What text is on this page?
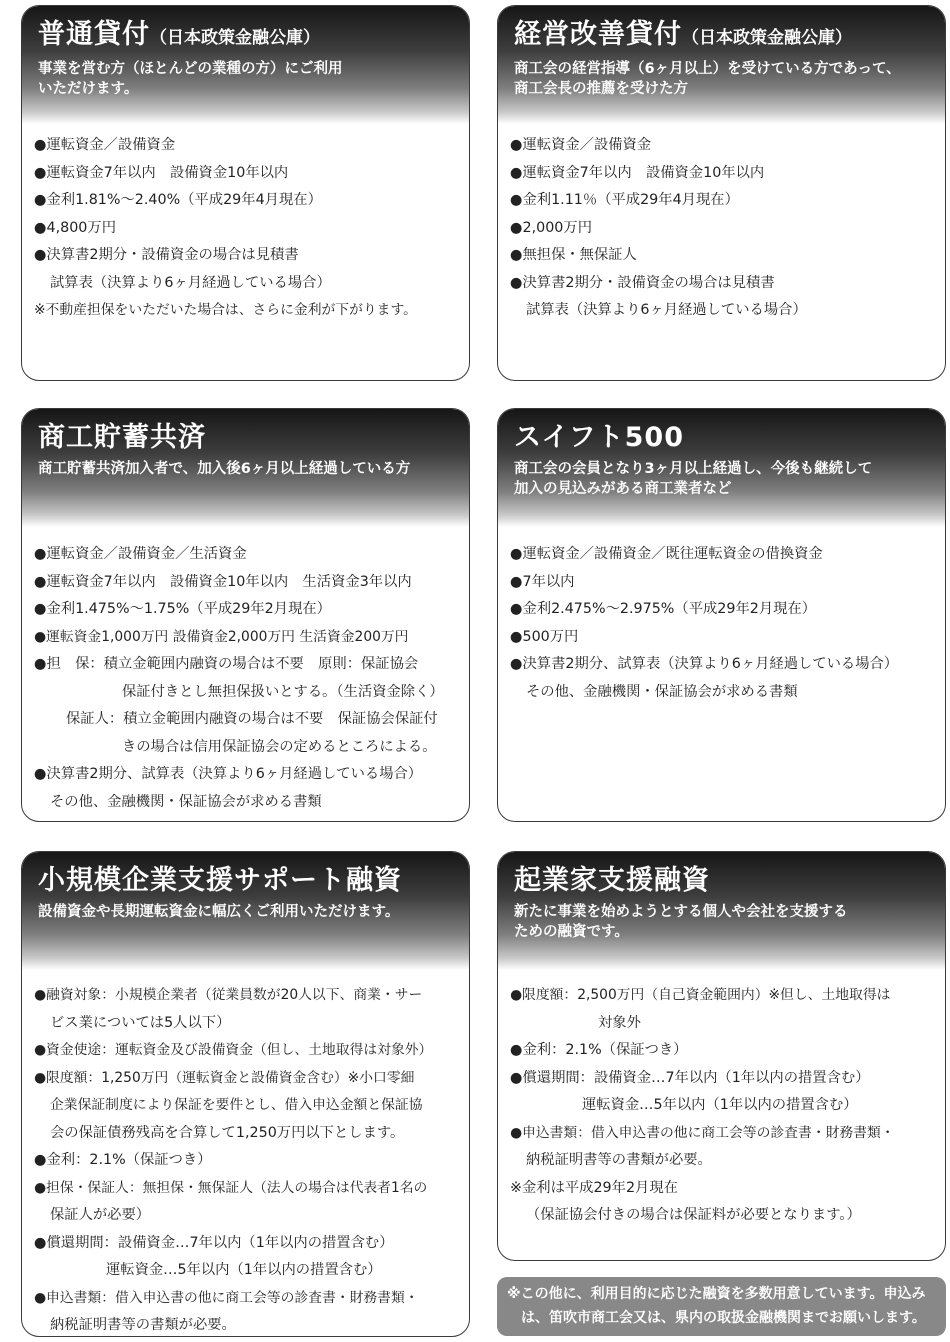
普通貸付（日本政策金融公庫）
事業を営む方（ほとんどの業種の方）にご利用
いただけます。
●運転資金／設備資金
●運転資金7年以内　設備資金10年以内
●金利1.81%～2.40%（平成29年4月現在）
●4,800万円
●決算書2期分・設備資金の場合は見積書
試算表（決算より6ヶ月経過している場合）
※不動産担保をいただいた場合は、さらに金利が下がります。
経営改善貸付（日本政策金融公庫）
商工会の経営指導（6ヶ月以上）を受けている方であって、
商工会長の推薦を受けた方
●運転資金／設備資金
●運転資金7年以内　設備資金10年以内
●金利1.11％（平成29年4月現在）
●2,000万円
●無担保・無保証人
●決算書2期分・設備資金の場合は見積書
試算表（決算より6ヶ月経過している場合）
商工貯蓄共済
商工貯蓄共済加入者で、加入後6ヶ月以上経過している方
●運転資金／設備資金／生活資金
●運転資金7年以内　設備資金10年以内　生活資金3年以内
●金利1.475%～1.75%（平成29年2月現在）
●運転資金1,000万円 設備資金2,000万円 生活資金200万円
●担　保：積立金範囲内融資の場合は不要　原則：保証協会
保証付きとし無担保扱いとする。（生活資金除く）
保証人：積立金範囲内融資の場合は不要　保証協会保証付
きの場合は信用保証協会の定めるところによる。
●決算書2期分、試算表（決算より6ヶ月経過している場合）
その他、金融機関・保証協会が求める書類
スイフト500
商工会の会員となり3ヶ月以上経過し、今後も継続して
加入の見込みがある商工業者など
●運転資金／設備資金／既往運転資金の借換資金
●7年以内
●金利2.475%～2.975%（平成29年2月現在）
●500万円
●決算書2期分、試算表（決算より6ヶ月経過している場合）
その他、金融機関・保証協会が求める書類
小規模企業支援サポート融資
設備資金や長期運転資金に幅広くご利用いただけます。
●融資対象：小規模企業者（従業員数が20人以下、商業・サー
ビス業については5人以下）
●資金使途：運転資金及び設備資金（但し、土地取得は対象外）
●限度額：1,250万円（運転資金と設備資金含む）※小口零細
企業保証制度により保証を要件とし、借入申込金額と保証協
会の保証債務残高を合算して1,250万円以下とします。
●金利：2.1%（保証つき）
●担保・保証人：無担保・無保証人（法人の場合は代表者1名の
保証人が必要）
●償還期間：設備資金…7年以内（1年以内の措置含む）
運転資金…5年以内（1年以内の措置含む）
●申込書類：借入申込書の他に商工会等の診査書・財務書類・
納税証明書等の書類が必要。
起業家支援融資
新たに事業を始めようとする個人や会社を支援する
ための融資です。
●限度額：2,500万円（自己資金範囲内）※但し、土地取得は
対象外
●金利：2.1%（保証つき）
●償還期間：設備資金…7年以内（1年以内の措置含む）
運転資金…5年以内（1年以内の措置含む）
●申込書類：借入申込書の他に商工会等の診査書・財務書類・
納税証明書等の書類が必要。
※金利は平成29年2月現在
（保証協会付きの場合は保証料が必要となります。）
※この他に、利用目的に応じた融資を多数用意しています。申込み
は、笛吹市商工会又は、県内の取扱金融機関までお願いします。
